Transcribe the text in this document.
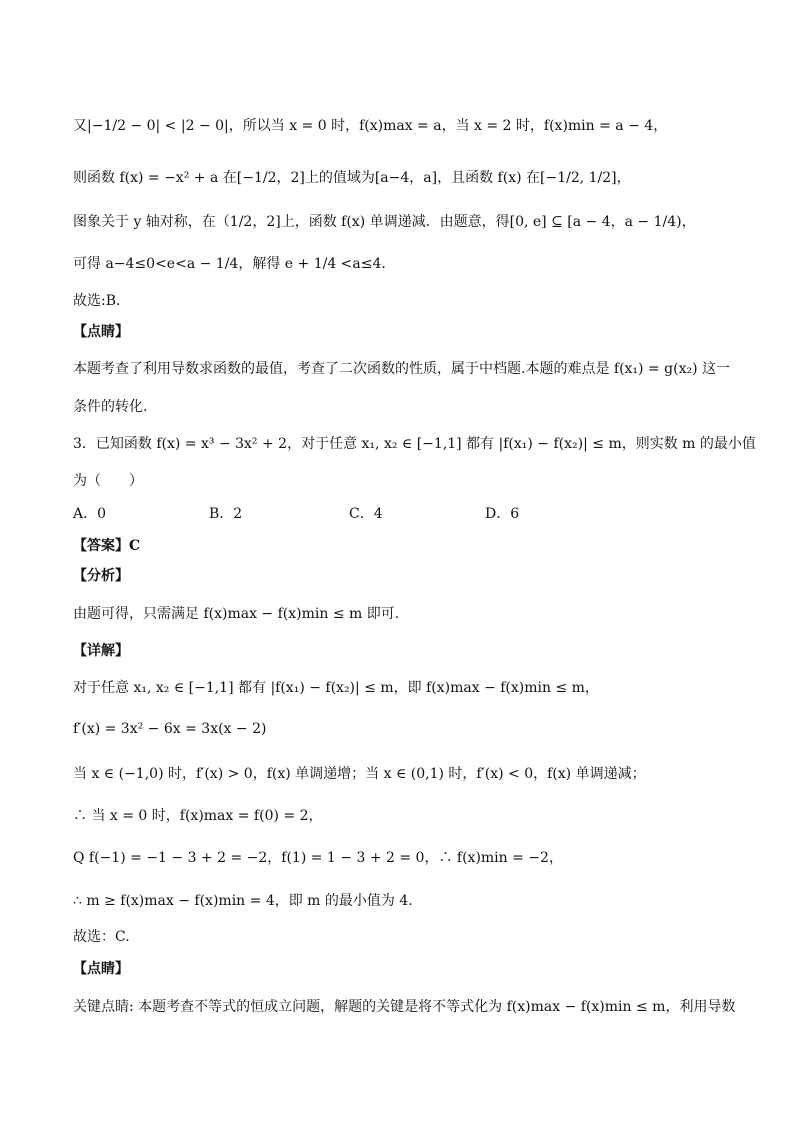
又|−1/2 − 0| < |2 − 0|，所以当 x = 0 时，f(x)max = a，当 x = 2 时，f(x)min = a − 4，
则函数 f(x) = −x² + a 在[−1/2，2]上的值域为[a−4，a]，且函数 f(x) 在[−1/2, 1/2]，
图象关于 y 轴对称，在（1/2，2]上，函数 f(x) 单调递减．由题意，得[0, e] ⊆ [a − 4，a − 1/4)，
可得 a−4≤0<e<a − 1/4，解得 e + 1/4 <a≤4．
故选:B．
【点睛】
本题考查了利用导数求函数的最值，考查了二次函数的性质，属于中档题.本题的难点是 f(x₁) = g(x₂) 这一
条件的转化.
3．已知函数 f(x) = x³ − 3x² + 2，对于任意 x₁, x₂ ∈ [−1,1] 都有 |f(x₁) − f(x₂)| ≤ m，则实数 m 的最小值
为（　　）
A．0	B．2	C．4	D．6
【答案】C
【分析】
由题可得，只需满足 f(x)max − f(x)min ≤ m 即可.
【详解】
对于任意 x₁, x₂ ∈ [−1,1] 都有 |f(x₁) − f(x₂)| ≤ m，即 f(x)max − f(x)min ≤ m，
f′(x) = 3x² − 6x = 3x(x − 2)
当 x ∈ (−1,0) 时，f′(x) > 0，f(x) 单调递增；当 x ∈ (0,1) 时，f′(x) < 0，f(x) 单调递减；
∴ 当 x = 0 时，f(x)max = f(0) = 2，
Q f(−1) = −1 − 3 + 2 = −2，f(1) = 1 − 3 + 2 = 0，∴ f(x)min = −2，
∴ m ≥ f(x)max − f(x)min = 4，即 m 的最小值为 4.
故选：C.
【点睛】
关键点睛: 本题考查不等式的恒成立问题，解题的关键是将不等式化为 f(x)max − f(x)min ≤ m，利用导数
